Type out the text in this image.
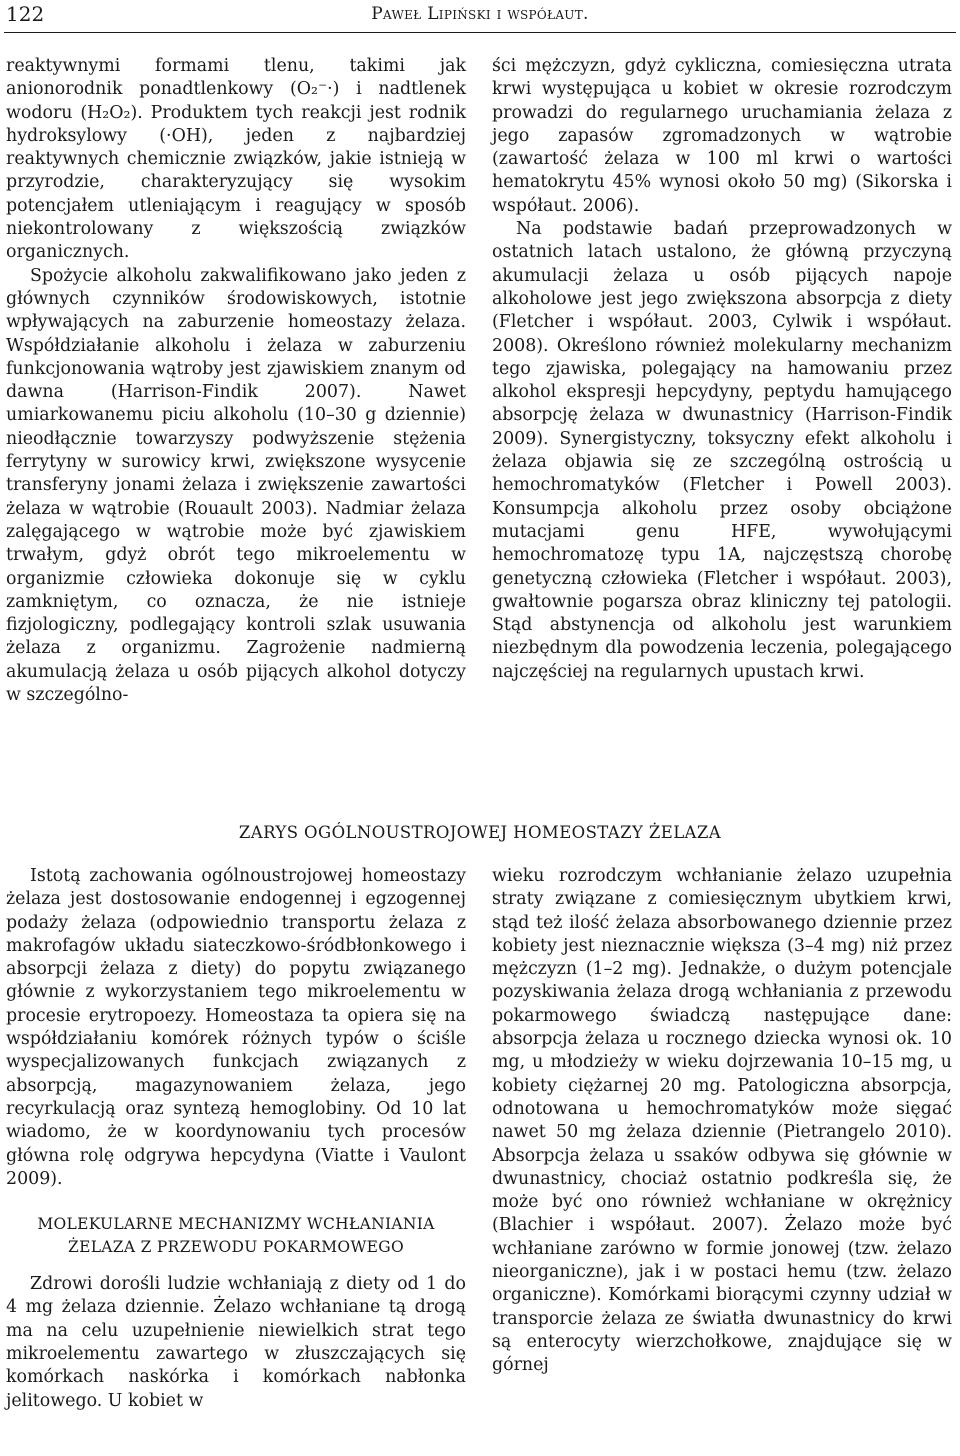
122	Paweł Lipiński i współaut.

reaktywnymi formami tlenu, takimi jak anionorodnik ponadtlenkowy (O₂⁻·) i nadtlenek wodoru (H₂O₂). Produktem tych reakcji jest rodnik hydroksylowy (·OH), jeden z najbardziej reaktywnych chemicznie związków, jakie istnieją w przyrodzie, charakteryzujący się wysokim potencjałem utleniającym i reagujący w sposób niekontrolowany z większością związków organicznych.

Spożycie alkoholu zakwalifikowano jako jeden z głównych czynników środowiskowych, istotnie wpływających na zaburzenie homeostazy żelaza. Współdziałanie alkoholu i żelaza w zaburzeniu funkcjonowania wątroby jest zjawiskiem znanym od dawna (Harrison-Findik 2007). Nawet umiarkowanemu piciu alkoholu (10–30 g dziennie) nieodłącznie towarzyszy podwyższenie stężenia ferrytyny w surowicy krwi, zwiększone wysycenie transferyny jonami żelaza i zwiększenie zawartości żelaza w wątrobie (Rouault 2003). Nadmiar żelaza zalęgającego w wątrobie może być zjawiskiem trwałym, gdyż obrót tego mikroelementu w organizmie człowieka dokonuje się w cyklu zamkniętym, co oznacza, że nie istnieje fizjologiczny, podlegający kontroli szlak usuwania żelaza z organizmu. Zagrożenie nadmierną akumulacją żelaza u osób pijących alkohol dotyczy w szczególno-

ści mężczyzn, gdyż cykliczna, comiesięczna utrata krwi występująca u kobiet w okresie rozrodczym prowadzi do regularnego uruchamiania żelaza z jego zapasów zgromadzonych w wątrobie (zawartość żelaza w 100 ml krwi o wartości hematokrytu 45% wynosi około 50 mg) (Sikorska i współaut. 2006).

Na podstawie badań przeprowadzonych w ostatnich latach ustalono, że główną przyczyną akumulacji żelaza u osób pijących napoje alkoholowe jest jego zwiększona absorpcja z diety (Fletcher i współaut. 2003, Cylwik i współaut. 2008). Określono również molekularny mechanizm tego zjawiska, polegający na hamowaniu przez alkohol ekspresji hepcydyny, peptydu hamującego absorpcję żelaza w dwunastnicy (Harrison-Findik 2009). Synergistyczny, toksyczny efekt alkoholu i żelaza objawia się ze szczególną ostrością u hemochromatyków (Fletcher i Powell 2003). Konsumpcja alkoholu przez osoby obciążone mutacjami genu HFE, wywołującymi hemochromatozę typu 1A, najczęstszą chorobę genetyczną człowieka (Fletcher i współaut. 2003), gwałtownie pogarsza obraz kliniczny tej patologii. Stąd abstynencja od alkoholu jest warunkiem niezbędnym dla powodzenia leczenia, polegającego najczęściej na regularnych upustach krwi.

ZARYS OGÓLNOUSTROJOWEJ HOMEOSTAZY ŻELAZA

Istotą zachowania ogólnoustrojowej homeostazy żelaza jest dostosowanie endogennej i egzogennej podaży żelaza (odpowiednio transportu żelaza z makrofagów układu siateczkowo-śródbłonkowego i absorpcji żelaza z diety) do popytu związanego głównie z wykorzystaniem tego mikroelementu w procesie erytropoezy. Homeostaza ta opiera się na współdziałaniu komórek różnych typów o ściśle wyspecjalizowanych funkcjach związanych z absorpcją, magazynowaniem żelaza, jego recyrkulacją oraz syntezą hemoglobiny. Od 10 lat wiadomo, że w koordynowaniu tych procesów główna rolę odgrywa hepcydyna (Viatte i Vaulont 2009).

MOLEKULARNE MECHANIZMY WCHŁANIANIA
ŻELAZA Z PRZEWODU POKARMOWEGO

Zdrowi dorośli ludzie wchłaniają z diety od 1 do 4 mg żelaza dziennie. Żelazo wchłaniane tą drogą ma na celu uzupełnienie niewielkich strat tego mikroelementu zawartego w złuszczających się komórkach naskórka i komórkach nabłonka jelitowego. U kobiet w

wieku rozrodczym wchłanianie żelazo uzupełnia straty związane z comiesięcznym ubytkiem krwi, stąd też ilość żelaza absorbowanego dziennie przez kobiety jest nieznacznie większa (3–4 mg) niż przez mężczyzn (1–2 mg). Jednakże, o dużym potencjale pozyskiwania żelaza drogą wchłaniania z przewodu pokarmowego świadczą następujące dane: absorpcja żelaza u rocznego dziecka wynosi ok. 10 mg, u młodzieży w wieku dojrzewania 10–15 mg, u kobiety ciężarnej 20 mg. Patologiczna absorpcja, odnotowana u hemochromatyków może sięgać nawet 50 mg żelaza dziennie (Pietrangelo 2010). Absorpcja żelaza u ssaków odbywa się głównie w dwunastnicy, chociaż ostatnio podkreśla się, że może być ono również wchłaniane w okrężnicy (Blachier i współaut. 2007). Żelazo może być wchłaniane zarówno w formie jonowej (tzw. żelazo nieorganiczne), jak i w postaci hemu (tzw. żelazo organiczne). Komórkami biorącymi czynny udział w transporcie żelaza ze światła dwunastnicy do krwi są enterocyty wierzchołkowe, znajdujące się w górnej
